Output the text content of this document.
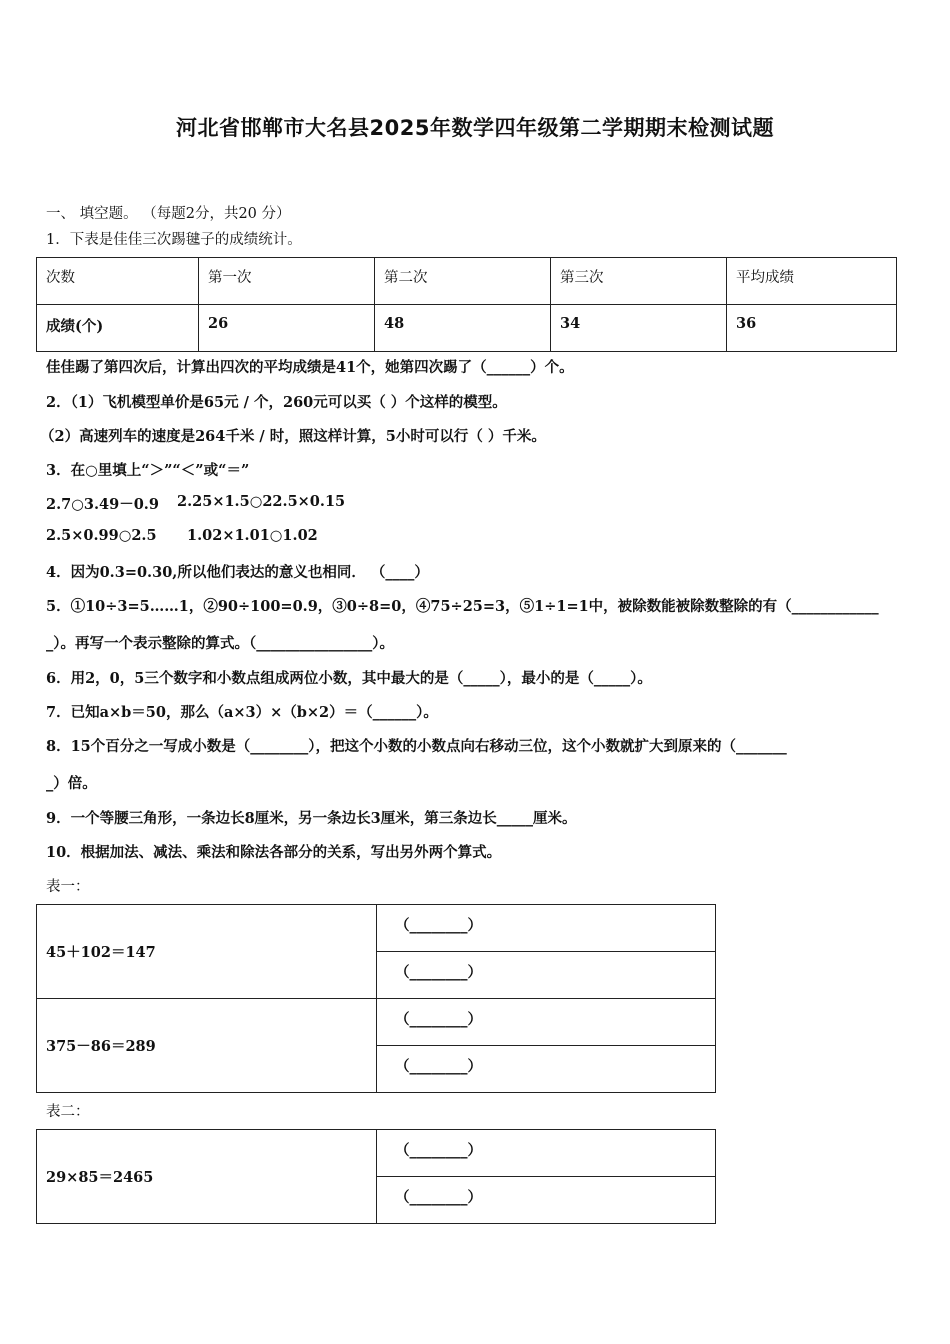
河北省邯郸市大名县2025年数学四年级第二学期期末检测试题
一、 填空题。 （每题2分，共20 分）
1．下表是佳佳三次踢毽子的成绩统计。
次数	第一次	第二次	第三次	平均成绩
成绩(个)	26	48	34	36
佳佳踢了第四次后，计算出四次的平均成绩是41个，她第四次踢了（______）个。
2．（1）飞机模型单价是65元 / 个，260元可以买（ ）个这样的模型。
（2）高速列车的速度是264千米 / 时，照这样计算，5小时可以行（ ）千米。
3．在○里填上“＞”“＜”或“＝”
2.7○3.49－0.9 2.25×1.5○22.5×0.15
2.5×0.99○2.5 1.02×1.01○1.02
4．因为0.3=0.30,所以他们表达的意义也相同． （____）
5．①10÷3=5……1，②90÷100=0.9，③0÷8=0，④75÷25=3，⑤1÷1=1中，被除数能被除数整除的有（____________
_）。再写一个表示整除的算式。（________________）。
6．用2，0，5三个数字和小数点组成两位小数，其中最大的是（_____），最小的是（_____）。
7．已知a×b＝50，那么（a×3）×（b×2）＝（______）。
8．15个百分之一写成小数是（________），把这个小数的小数点向右移动三位，这个小数就扩大到原来的（_______
_）倍。
9．一个等腰三角形，一条边长8厘米，另一条边长3厘米，第三条边长_____厘米。
10．根据加法、减法、乘法和除法各部分的关系，写出另外两个算式。
表一：
45＋102＝147	（________）
	（________）
375－86＝289	（________）
	（________）
表二：
29×85＝2465	（________）
（________）
